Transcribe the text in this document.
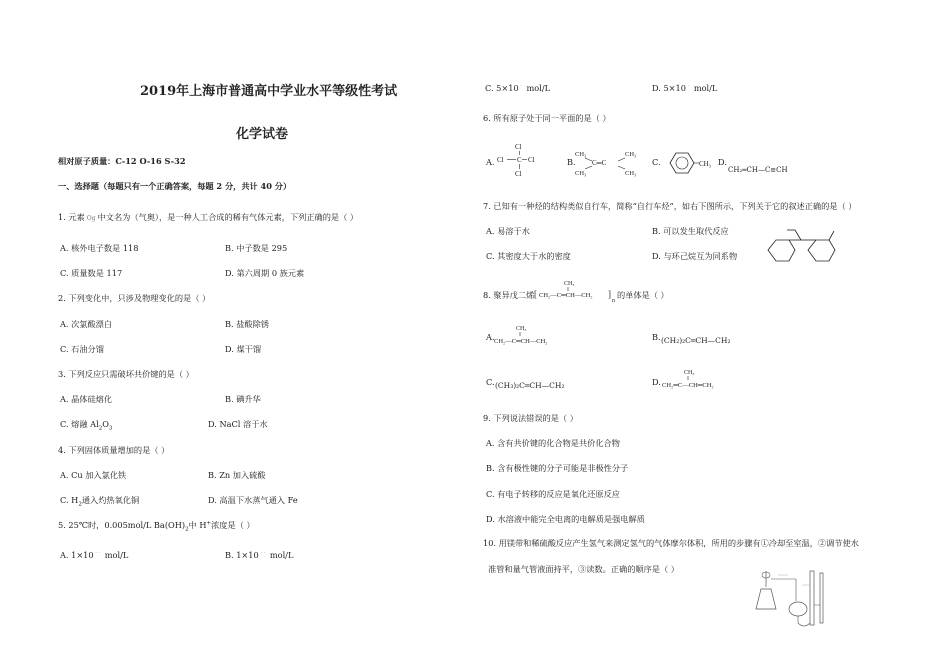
2019年上海市普通高中学业水平等级性考试
化学试卷
相对原子质量：C-12 O-16 S-32
一、选择题（每题只有一个正确答案，每题 2 分，共计 40 分）
1. 元素 Og 中文名为（气奥），是一种人工合成的稀有气体元素，下列正确的是（ ）
A. 核外电子数是 118	B. 中子数是 295
C. 质量数是 117	D. 第六周期 0 族元素
2. 下列变化中，只涉及物理变化的是（ ）
A. 次氯酸漂白	B. 盐酸除锈
C. 石油分馏	D. 煤干馏
3. 下列反应只需破坏共价键的是（ ）
A. 晶体硅熔化	B. 碘升华
C. 熔融 $Al_2O_3$	D. NaCl 溶于水
4. 下列固体质量增加的是（ ）
A. Cu 加入氯化铁	B. Zn 加入硫酸
C. $H_2$通入灼热氧化铜	D. 高温下水蒸气通入 Fe
5. 25℃时，0.005mol/L $Ba(OH)_2$中 H+浓度是（ ）
A. 1×10 - - mol/L	B. 1×10 - - mol/L
C. 5×10 - mol/L	D. 5×10 - mol/L
6. 所有原子处于同一平面的是（ ）
A.
Cl
Cl C Cl
Cl
B.
CH₃	CH₃
C═C
CH₃	CH₃
C.	CH₃ D.
CH₂═CH—C≡CH
7. 已知有一种烃的结构类似自行车，简称“自行车烃”，如右下图所示，下列关于它的叙述正确的是（ ）
A. 易溶于水	B. 可以发生取代反应
C. 其密度大于水的密度	D. 与环己烷互为同系物
8. 聚异戊二烯
CH₃
[ CH₂—C═CH—CH₂ ]
n
的单体是（ ）
A.
CH₃
CH₂—C═CH—CH₂	B. (CH₂)₂C═CH—CH₂
C. (CH₃)₂C═CH—CH₂	D.
CH₃
CH₂═C—CH═CH₂
9. 下列说法错误的是（ ）
A. 含有共价键的化合物是共价化合物
B. 含有极性键的分子可能是非极性分子
C. 有电子转移的反应是氧化还原反应
D. 水溶液中能完全电离的电解质是强电解质
10. 用镁带和稀硫酸反应产生氢气来测定氢气的气体摩尔体积，所用的步骤有①冷却至室温，②调节使水
准管和量气管液面持平，③读数。正确的顺序是（ ）
